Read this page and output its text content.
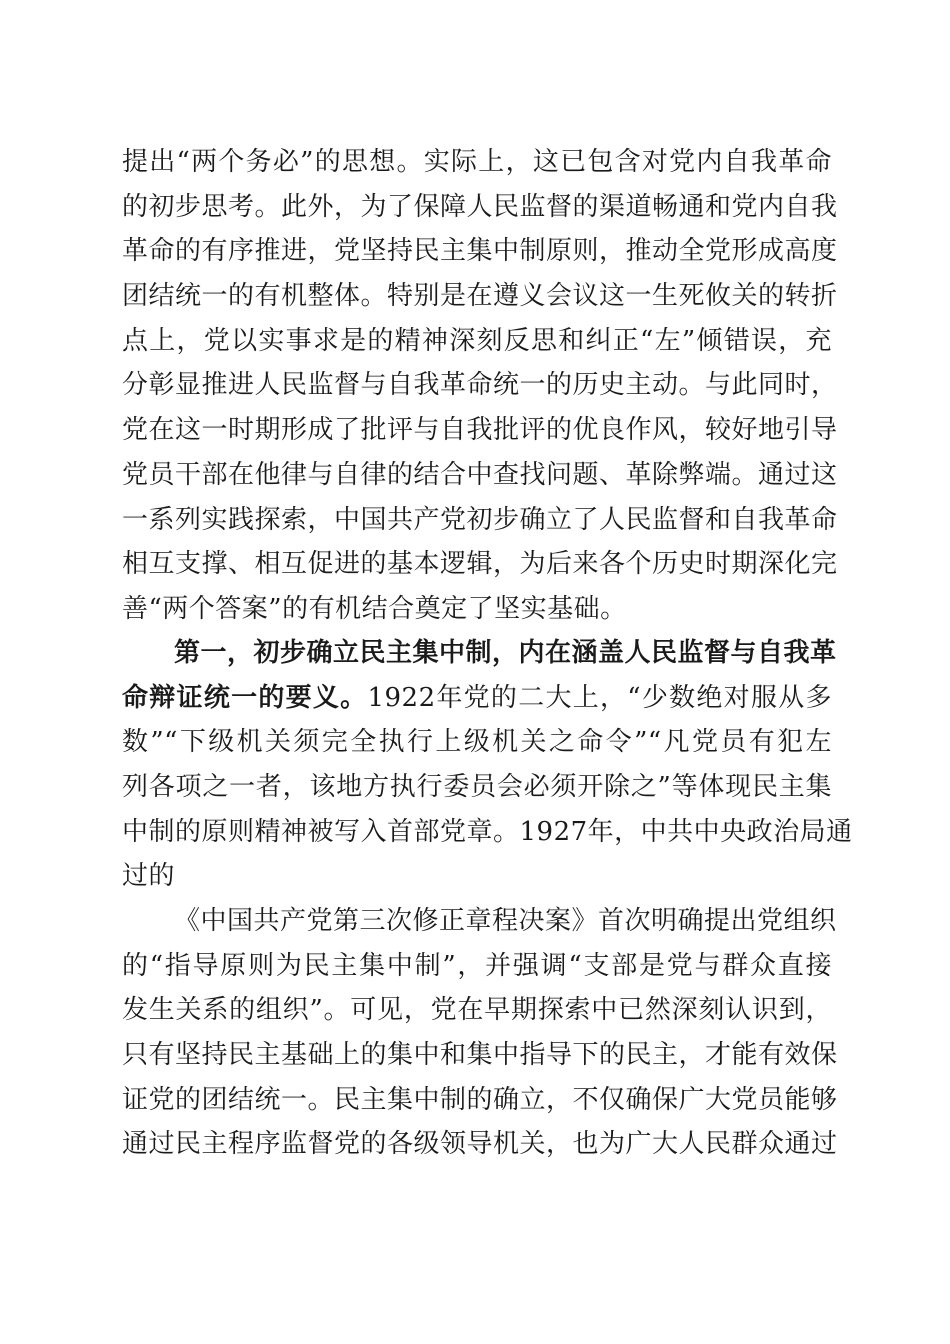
提出“两个务必”的思想。实际上，这已包含对党内自我革命
的初步思考。此外，为了保障人民监督的渠道畅通和党内自我
革命的有序推进，党坚持民主集中制原则，推动全党形成高度
团结统一的有机整体。特别是在遵义会议这一生死攸关的转折
点上，党以实事求是的精神深刻反思和纠正“左”倾错误，充
分彰显推进人民监督与自我革命统一的历史主动。与此同时，
党在这一时期形成了批评与自我批评的优良作风，较好地引导
党员干部在他律与自律的结合中查找问题、革除弊端。通过这
一系列实践探索，中国共产党初步确立了人民监督和自我革命
相互支撑、相互促进的基本逻辑，为后来各个历史时期深化完
善“两个答案”的有机结合奠定了坚实基础。
第一，初步确立民主集中制，内在涵盖人民监督与自我革
命辩证统一的要义。1922年党的二大上，“少数绝对服从多
数”“下级机关须完全执行上级机关之命令”“凡党员有犯左
列各项之一者，该地方执行委员会必须开除之”等体现民主集
中制的原则精神被写入首部党章。1927年，中共中央政治局通
过的
《中国共产党第三次修正章程决案》首次明确提出党组织
的“指导原则为民主集中制”，并强调“支部是党与群众直接
发生关系的组织”。可见，党在早期探索中已然深刻认识到，
只有坚持民主基础上的集中和集中指导下的民主，才能有效保
证党的团结统一。民主集中制的确立，不仅确保广大党员能够
通过民主程序监督党的各级领导机关，也为广大人民群众通过
